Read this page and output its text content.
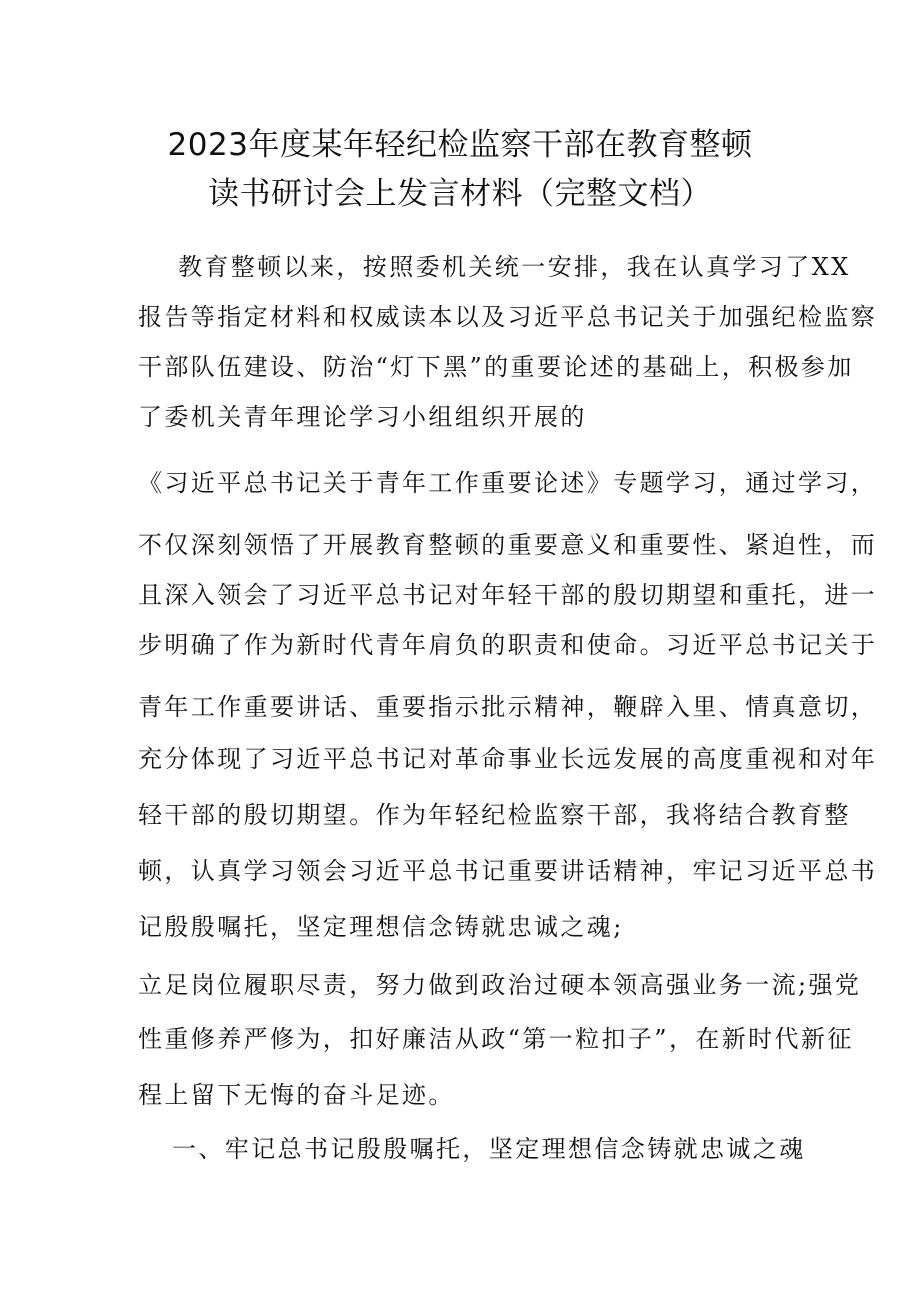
2023年度某年轻纪检监察干部在教育整顿
读书研讨会上发言材料（完整文档）
教育整顿以来，按照委机关统一安排，我在认真学习了XX
报告等指定材料和权威读本以及习近平总书记关于加强纪检监察
干部队伍建设、防治“灯下黑”的重要论述的基础上，积极参加
了委机关青年理论学习小组组织开展的
《习近平总书记关于青年工作重要论述》专题学习，通过学习，
不仅深刻领悟了开展教育整顿的重要意义和重要性、紧迫性，而
且深入领会了习近平总书记对年轻干部的殷切期望和重托，进一
步明确了作为新时代青年肩负的职责和使命。习近平总书记关于
青年工作重要讲话、重要指示批示精神，鞭辟入里、情真意切，
充分体现了习近平总书记对革命事业长远发展的高度重视和对年
轻干部的殷切期望。作为年轻纪检监察干部，我将结合教育整
顿，认真学习领会习近平总书记重要讲话精神，牢记习近平总书
记殷殷嘱托，坚定理想信念铸就忠诚之魂;
立足岗位履职尽责，努力做到政治过硬本领高强业务一流;强党
性重修养严修为，扣好廉洁从政“第一粒扣子”，在新时代新征
程上留下无悔的奋斗足迹。
一、牢记总书记殷殷嘱托，坚定理想信念铸就忠诚之魂
